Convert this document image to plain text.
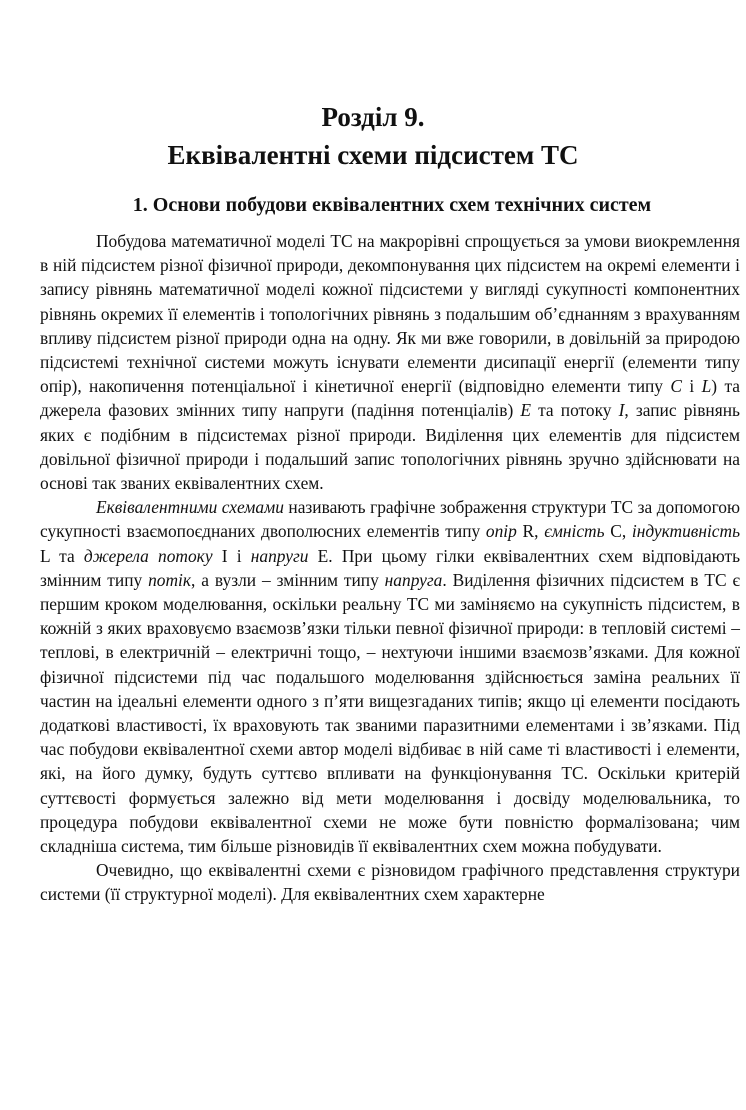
Розділ 9.
Еквівалентні схеми підсистем ТС
1. Основи побудови еквівалентних схем технічних систем

Побудова математичної моделі ТС на макрорівні спрощується за умови виокремлення в ній підсистем різної фізичної природи, декомпонування цих підсистем на окремі елементи і запису рівнянь математичної моделі кожної підсистеми у вигляді сукупності компонентних рівнянь окремих її елементів і топологічних рівнянь з подальшим об’єднанням з врахуванням впливу підсистем різної природи одна на одну. Як ми вже говорили, в довільній за природою підсистемі технічної системи можуть існувати елементи дисипації енергії (елементи типу опір), накопичення потенціальної і кінетичної енергії (відповідно елементи типу C і L) та джерела фазових змінних типу напруги (падіння потенціалів) E та потоку I, запис рівнянь яких є подібним в підсистемах різної природи. Виділення цих елементів для підсистем довільної фізичної природи і подальший запис топологічних рівнянь зручно здійснювати на основі так званих еквівалентних схем.

Еквівалентними схемами називають графічне зображення структури ТС за допомогою сукупності взаємопоєднаних двополюсних елементів типу опір R, ємність C, індуктивність L та джерела потоку I і напруги E. При цьому гілки еквівалентних схем відповідають змінним типу потік, а вузли – змінним типу напруга. Виділення фізичних підсистем в ТС є першим кроком моделювання, оскільки реальну ТС ми заміняємо на сукупність підсистем, в кожній з яких враховуємо взаємозв’язки тільки певної фізичної природи: в тепловій системі – теплові, в електричній – електричні тощо, – нехтуючи іншими взаємозв’язками. Для кожної фізичної підсистеми під час подальшого моделювання здійснюється заміна реальних її частин на ідеальні елементи одного з п’яти вищезгаданих типів; якщо ці елементи посідають додаткові властивості, їх враховують так званими паразитними елементами і зв’язками. Під час побудови еквівалентної схеми автор моделі відбиває в ній саме ті властивості і елементи, які, на його думку, будуть суттєво впливати на функціонування ТС. Оскільки критерій суттєвості формується залежно від мети моделювання і досвіду моделювальника, то процедура побудови еквівалентної схеми не може бути повністю формалізована; чим складніша система, тим більше різновидів її еквівалентних схем можна побудувати.

Очевидно, що еквівалентні схеми є різновидом графічного представлення структури системи (її структурної моделі). Для еквівалентних схем характерне
